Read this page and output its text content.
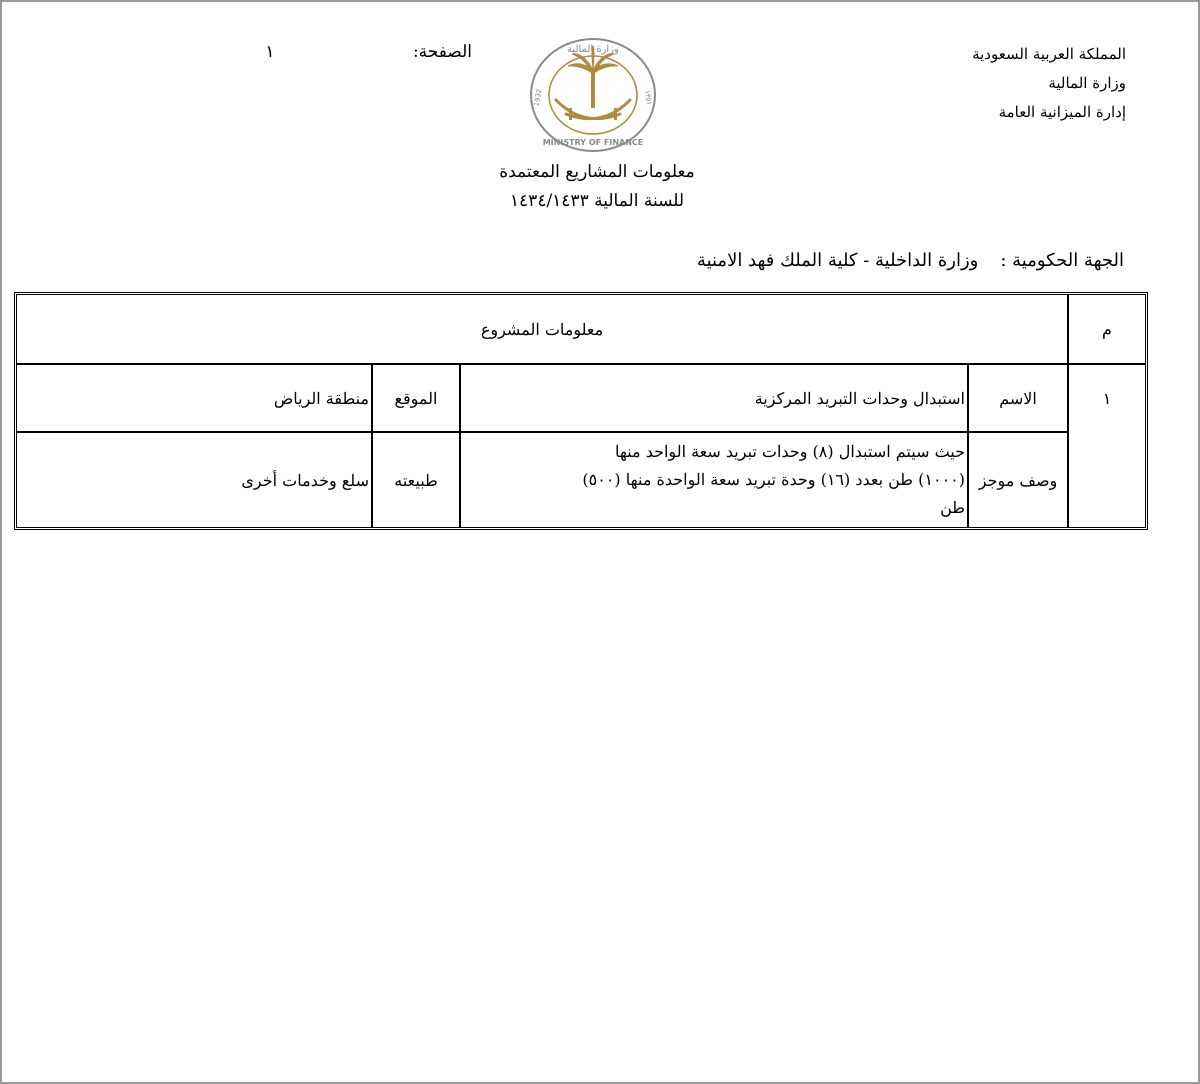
المملكة العربية السعودية
وزارة المالية
إدارة الميزانية العامة
الصفحة:
١	وزارة المالية
MINISTRY OF FINANCE
1932	١٣٥١
معلومات المشاريع المعتمدة
للسنة المالية ١٤٣٤/١٤٣٣
الجهة الحكومية :
وزارة الداخلية - كلية الملك فهد الامنية
م
معلومات المشروع
١
الاسم
استبدال وحدات التبريد المركزية
الموقع
منطقة الرياض
وصف موجز
حيث سيتم استبدال (٨) وحدات تبريد سعة الواحد منها
(١٠٠٠) طن بعدد (١٦) وحدة تبريد سعة الواحدة منها (٥٠٠)
طن
طبيعته
سلع وخدمات أخرى
